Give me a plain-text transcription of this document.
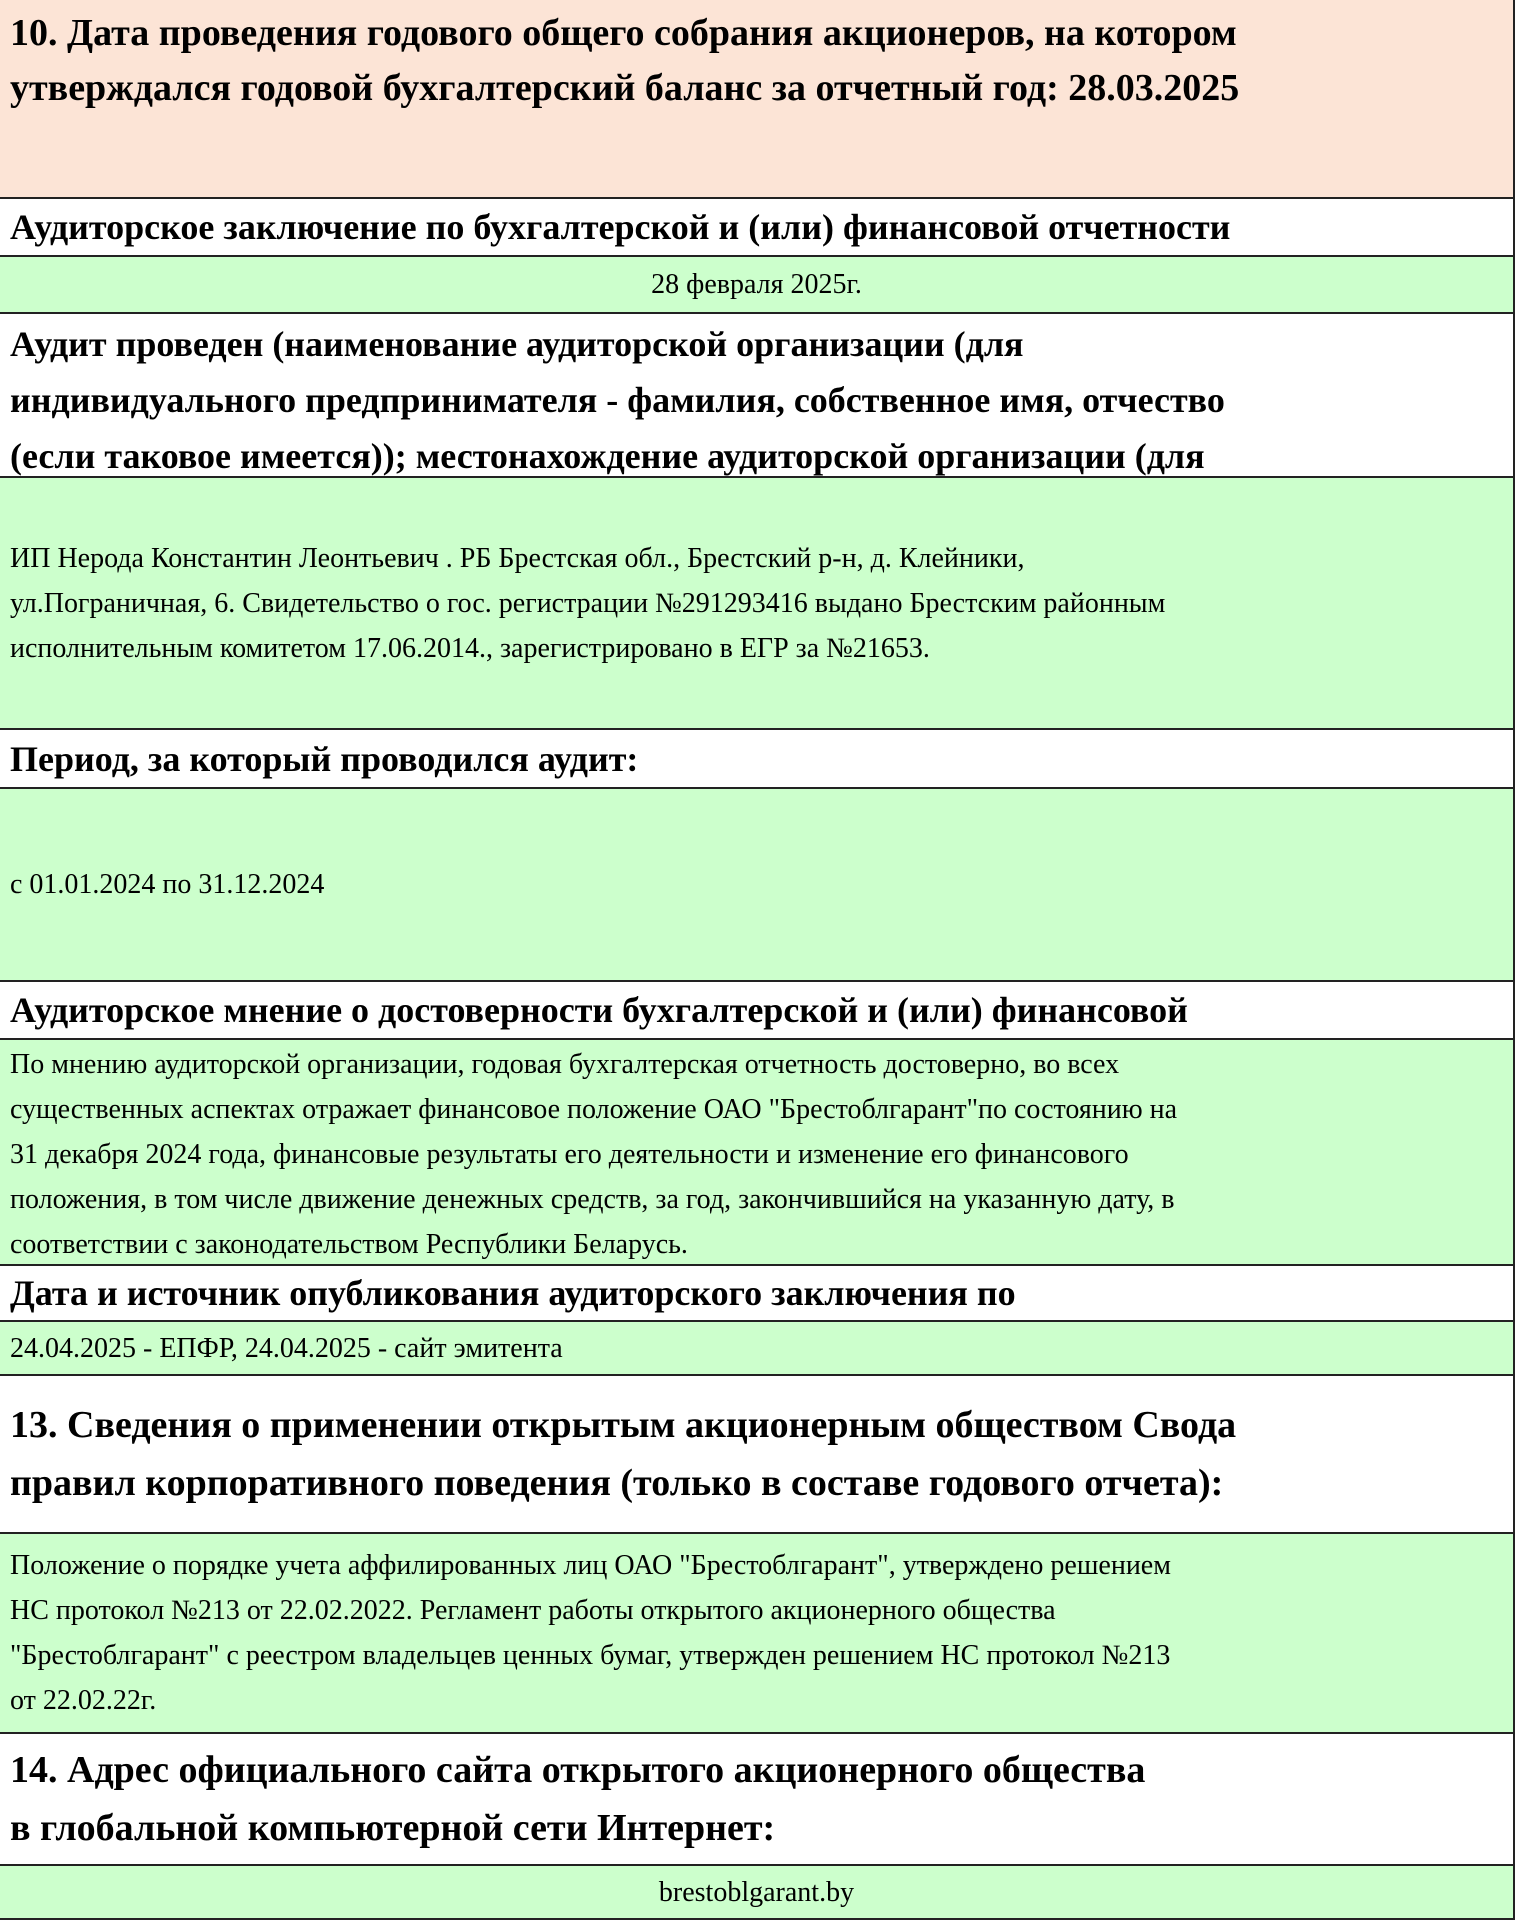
10. Дата проведения годового общего собрания акционеров, на котором
утверждался годовой бухгалтерский баланс за отчетный год: 28.03.2025
Аудиторское заключение по бухгалтерской и (или) финансовой отчетности
28 февраля 2025г.
Аудит проведен (наименование аудиторской организации (для
индивидуального предпринимателя - фамилия, собственное имя, отчество
(если таковое имеется)); местонахождение аудиторской организации (для
ИП Нерода Константин Леонтьевич . РБ Брестская обл., Брестский р-н, д. Клейники,
ул.Пограничная, 6. Свидетельство о гос. регистрации №291293416 выдано Брестским районным
исполнительным комитетом 17.06.2014., зарегистрировано в ЕГР за №21653.
Период, за который проводился аудит:
с 01.01.2024 по 31.12.2024
Аудиторское мнение о достоверности бухгалтерской и (или) финансовой
По мнению аудиторской организации, годовая бухгалтерская отчетность достоверно, во всех
существенных аспектах отражает финансовое положение ОАО "Брестоблгарант"по состоянию на
31 декабря 2024 года, финансовые результаты его деятельности и изменение его финансового
положения, в том числе движение денежных средств, за год, закончившийся на указанную дату, в
соответствии с законодательством Республики Беларусь.
Дата и источник опубликования аудиторского заключения по
24.04.2025 - ЕПФР, 24.04.2025 - сайт эмитента
13. Сведения о применении открытым акционерным обществом Свода
правил корпоративного поведения (только в составе годового отчета):
Положение о порядке учета аффилированных лиц ОАО "Брестоблгарант", утверждено решением
НС протокол №213 от 22.02.2022. Регламент работы открытого акционерного общества
"Брестоблгарант" с реестром владельцев ценных бумаг, утвержден решением НС протокол №213
от 22.02.22г.
14. Адрес официального сайта открытого акционерного общества
в глобальной компьютерной сети Интернет:
brestoblgarant.by
